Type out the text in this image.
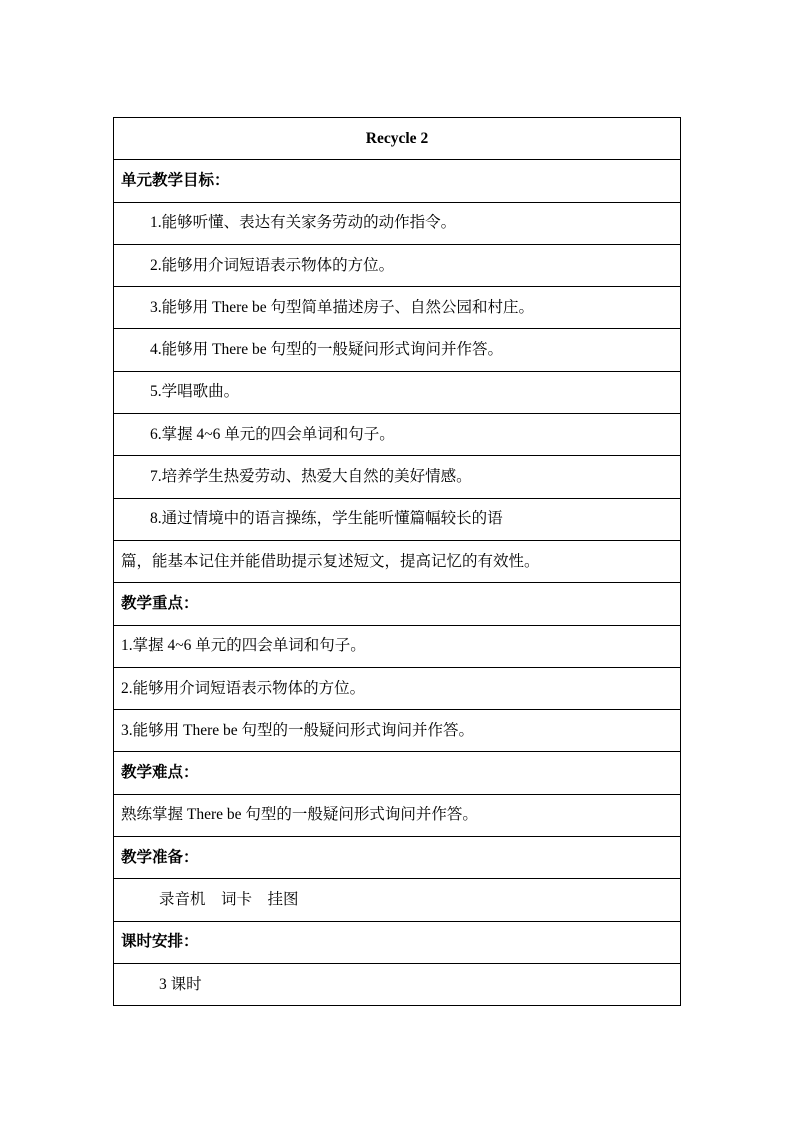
Recycle 2
单元教学目标：
1.能够听懂、表达有关家务劳动的动作指令。
2.能够用介词短语表示物体的方位。
3.能够用 There be 句型简单描述房子、自然公园和村庄。
4.能够用 There be 句型的一般疑问形式询问并作答。
5.学唱歌曲。
6.掌握 4~6 单元的四会单词和句子。
7.培养学生热爱劳动、热爱大自然的美好情感。
8.通过情境中的语言操练，学生能听懂篇幅较长的语
篇，能基本记住并能借助提示复述短文，提高记忆的有效性。
教学重点：
1.掌握 4~6 单元的四会单词和句子。
2.能够用介词短语表示物体的方位。
3.能够用 There be 句型的一般疑问形式询问并作答。
教学难点：
熟练掌握 There be 句型的一般疑问形式询问并作答。
教学准备：
录音机    词卡    挂图
课时安排：
3 课时
